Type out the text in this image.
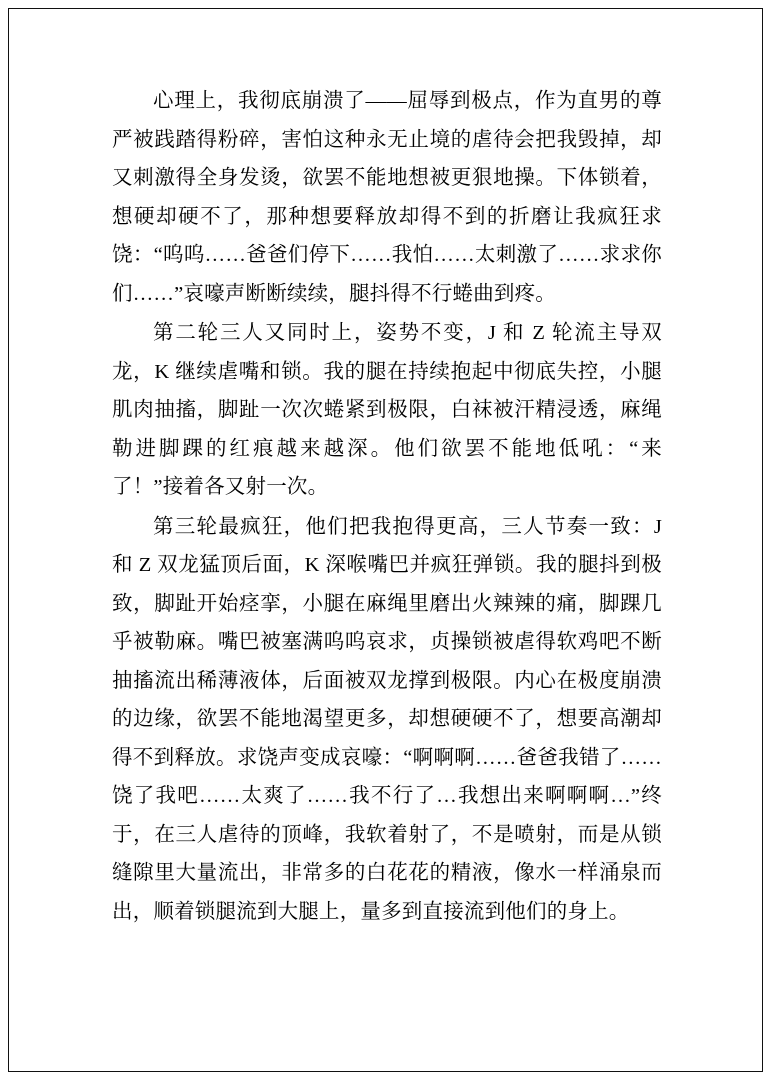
心理上，我彻底崩溃了——屈辱到极点，作为直男的尊严被践踏得粉碎，害怕这种永无止境的虐待会把我毁掉，却又刺激得全身发烫，欲罢不能地想被更狠地操。下体锁着，想硬却硬不了，那种想要释放却得不到的折磨让我疯狂求饶：“呜呜……爸爸们停下……我怕……太刺激了……求求你们……”哀嚎声断断续续，腿抖得不行蜷曲到疼。

第二轮三人又同时上，姿势不变，J 和 Z 轮流主导双龙，K 继续虐嘴和锁。我的腿在持续抱起中彻底失控，小腿肌肉抽搐，脚趾一次次蜷紧到极限，白袜被汗精浸透，麻绳勒进脚踝的红痕越来越深。他们欲罢不能地低吼：“来了！”接着各又射一次。

第三轮最疯狂，他们把我抱得更高，三人节奏一致：J 和 Z 双龙猛顶后面，K 深喉嘴巴并疯狂弹锁。我的腿抖到极致，脚趾开始痉挛，小腿在麻绳里磨出火辣辣的痛，脚踝几乎被勒麻。嘴巴被塞满呜呜哀求，贞操锁被虐得软鸡吧不断抽搐流出稀薄液体，后面被双龙撑到极限。内心在极度崩溃的边缘，欲罢不能地渴望更多，却想硬硬不了，想要高潮却得不到释放。求饶声变成哀嚎：“啊啊啊……爸爸我错了……饶了我吧……太爽了……我不行了…我想出来啊啊啊…”终于，在三人虐待的顶峰，我软着射了，不是喷射，而是从锁缝隙里大量流出，非常多的白花花的精液，像水一样涌泉而出，顺着锁腿流到大腿上，量多到直接流到他们的身上。
